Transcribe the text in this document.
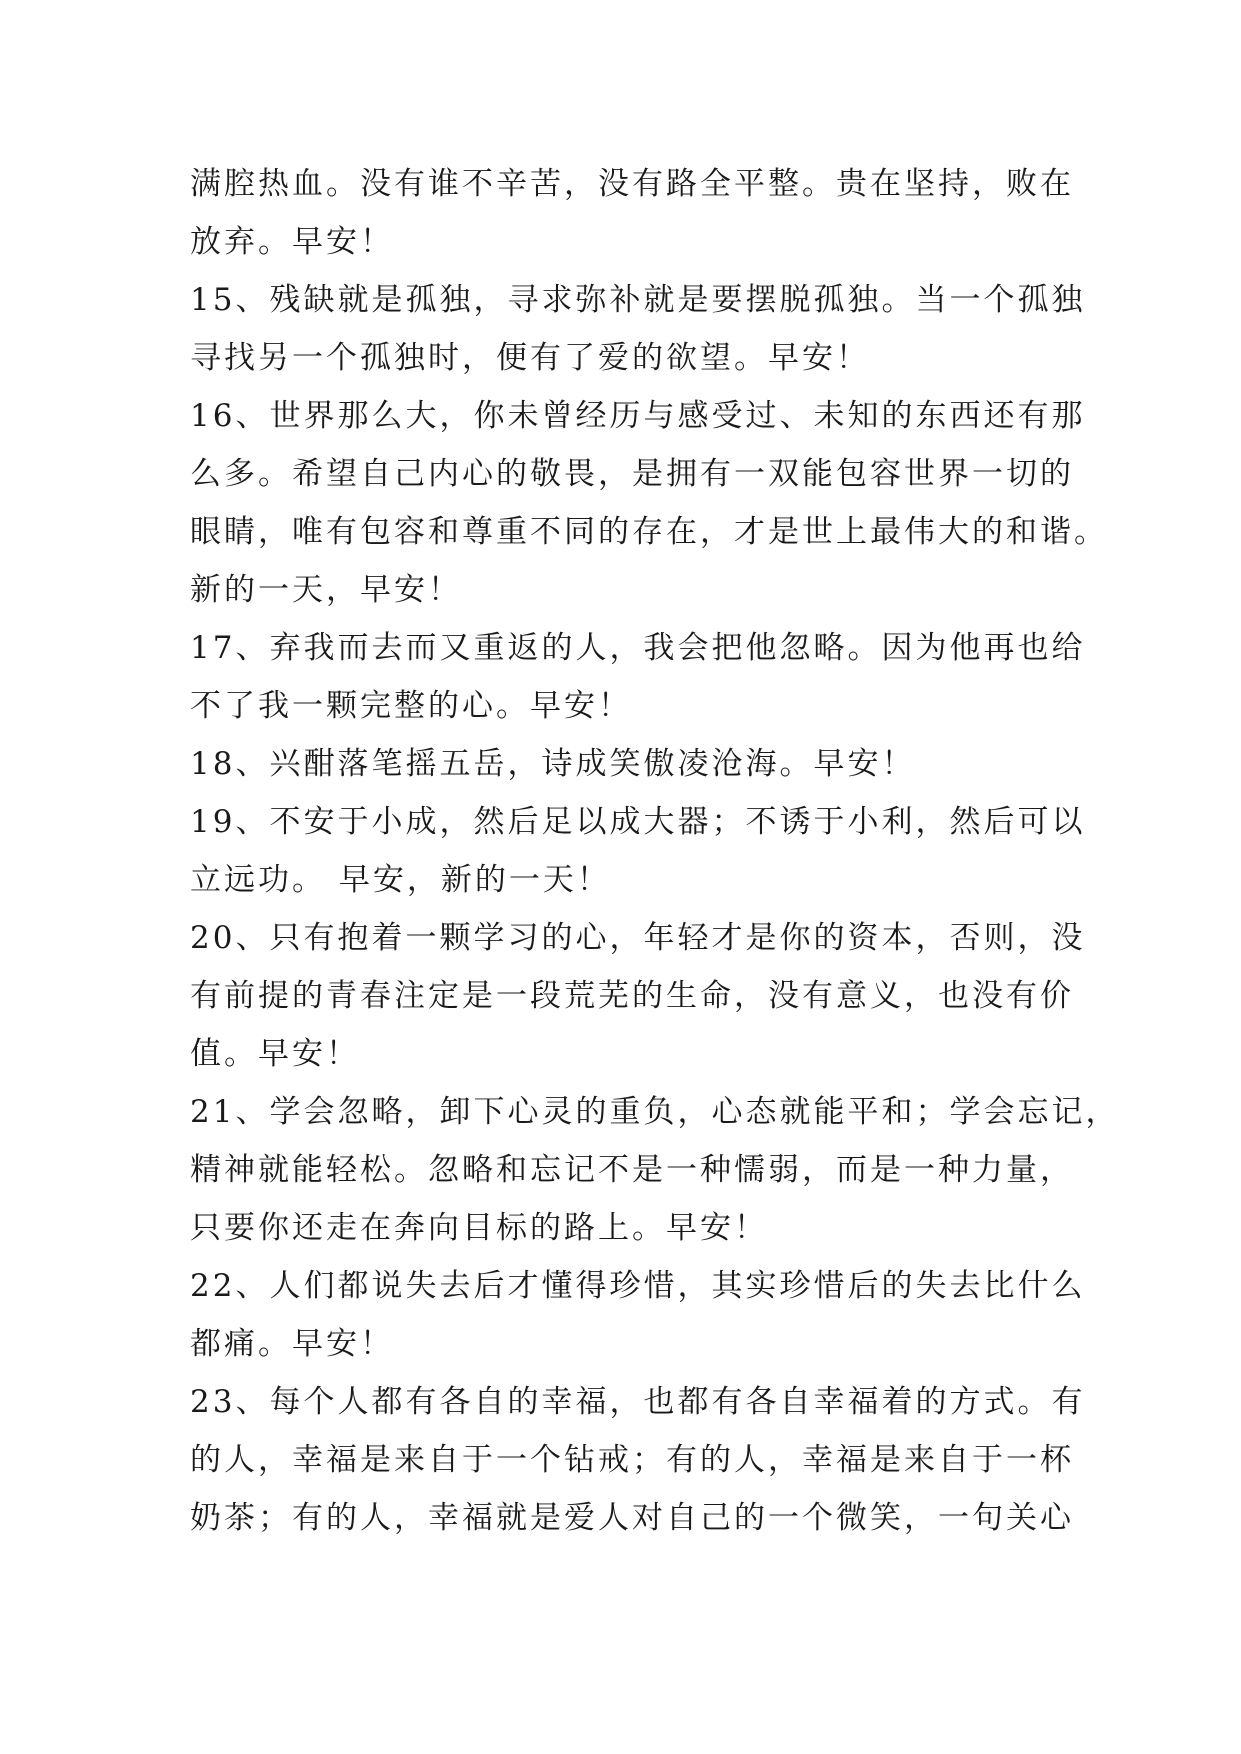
满腔热血。没有谁不辛苦，没有路全平整。贵在坚持，败在
放弃。早安！
15、残缺就是孤独，寻求弥补就是要摆脱孤独。当一个孤独
寻找另一个孤独时，便有了爱的欲望。早安！
16、世界那么大，你未曾经历与感受过、未知的东西还有那
么多。希望自己内心的敬畏，是拥有一双能包容世界一切的
眼睛，唯有包容和尊重不同的存在，才是世上最伟大的和谐。
新的一天，早安！
17、弃我而去而又重返的人，我会把他忽略。因为他再也给
不了我一颗完整的心。早安！
18、兴酣落笔摇五岳，诗成笑傲凌沧海。早安！
19、不安于小成，然后足以成大器；不诱于小利，然后可以
立远功。 早安，新的一天！
20、只有抱着一颗学习的心，年轻才是你的资本，否则，没
有前提的青春注定是一段荒芜的生命，没有意义，也没有价
值。早安！
21、学会忽略，卸下心灵的重负，心态就能平和；学会忘记，
精神就能轻松。忽略和忘记不是一种懦弱，而是一种力量，
只要你还走在奔向目标的路上。早安！
22、人们都说失去后才懂得珍惜，其实珍惜后的失去比什么
都痛。早安！
23、每个人都有各自的幸福，也都有各自幸福着的方式。有
的人，幸福是来自于一个钻戒；有的人，幸福是来自于一杯
奶茶；有的人，幸福就是爱人对自己的一个微笑，一句关心
